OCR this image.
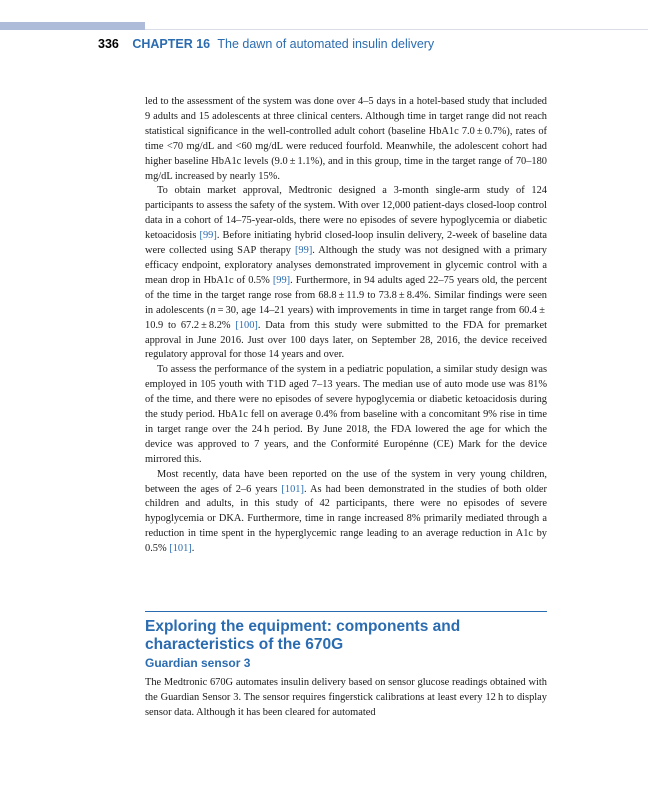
336 CHAPTER 16 The dawn of automated insulin delivery

led to the assessment of the system was done over 4–5 days in a hotel-based study that included 9 adults and 15 adolescents at three clinical centers. Although time in target range did not reach statistical significance in the well-controlled adult cohort (baseline HbA1c 7.0 ± 0.7%), rates of time <70 mg/dL and <60 mg/dL were reduced fourfold. Meanwhile, the adolescent cohort had higher baseline HbA1c levels (9.0 ± 1.1%), and in this group, time in the target range of 70–180 mg/dL increased by nearly 15%.

To obtain market approval, Medtronic designed a 3-month single-arm study of 124 participants to assess the safety of the system. With over 12,000 patient-days closed-loop control data in a cohort of 14–75-year-olds, there were no episodes of severe hypoglycemia or diabetic ketoacidosis [99]. Before initiating hybrid closed-loop insulin delivery, 2-week of baseline data were collected using SAP therapy [99]. Although the study was not designed with a primary efficacy endpoint, exploratory analyses demonstrated improvement in glycemic control with a mean drop in HbA1c of 0.5% [99]. Furthermore, in 94 adults aged 22–75 years old, the percent of the time in the target range rose from 68.8 ± 11.9 to 73.8 ± 8.4%. Similar findings were seen in adolescents (n = 30, age 14–21 years) with improvements in time in target range from 60.4 ± 10.9 to 67.2 ± 8.2% [100]. Data from this study were submitted to the FDA for premarket approval in June 2016. Just over 100 days later, on September 28, 2016, the device received regulatory approval for those 14 years and over.

To assess the performance of the system in a pediatric population, a similar study design was employed in 105 youth with T1D aged 7–13 years. The median use of auto mode use was 81% of the time, and there were no episodes of severe hypoglycemia or diabetic ketoacidosis during the study period. HbA1c fell on average 0.4% from baseline with a concomitant 9% rise in time in target range over the 24 h period. By June 2018, the FDA lowered the age for which the device was approved to 7 years, and the Conformité Europénne (CE) Mark for the device mirrored this.

Most recently, data have been reported on the use of the system in very young children, between the ages of 2–6 years [101]. As had been demonstrated in the studies of both older children and adults, in this study of 42 participants, there were no episodes of severe hypoglycemia or DKA. Furthermore, time in range increased 8% primarily mediated through a reduction in time spent in the hyperglycemic range leading to an average reduction in A1c by 0.5% [101].

Exploring the equipment: components and characteristics of the 670G
Guardian sensor 3

The Medtronic 670G automates insulin delivery based on sensor glucose readings obtained with the Guardian Sensor 3. The sensor requires fingerstick calibrations at least every 12 h to display sensor data. Although it has been cleared for automated
